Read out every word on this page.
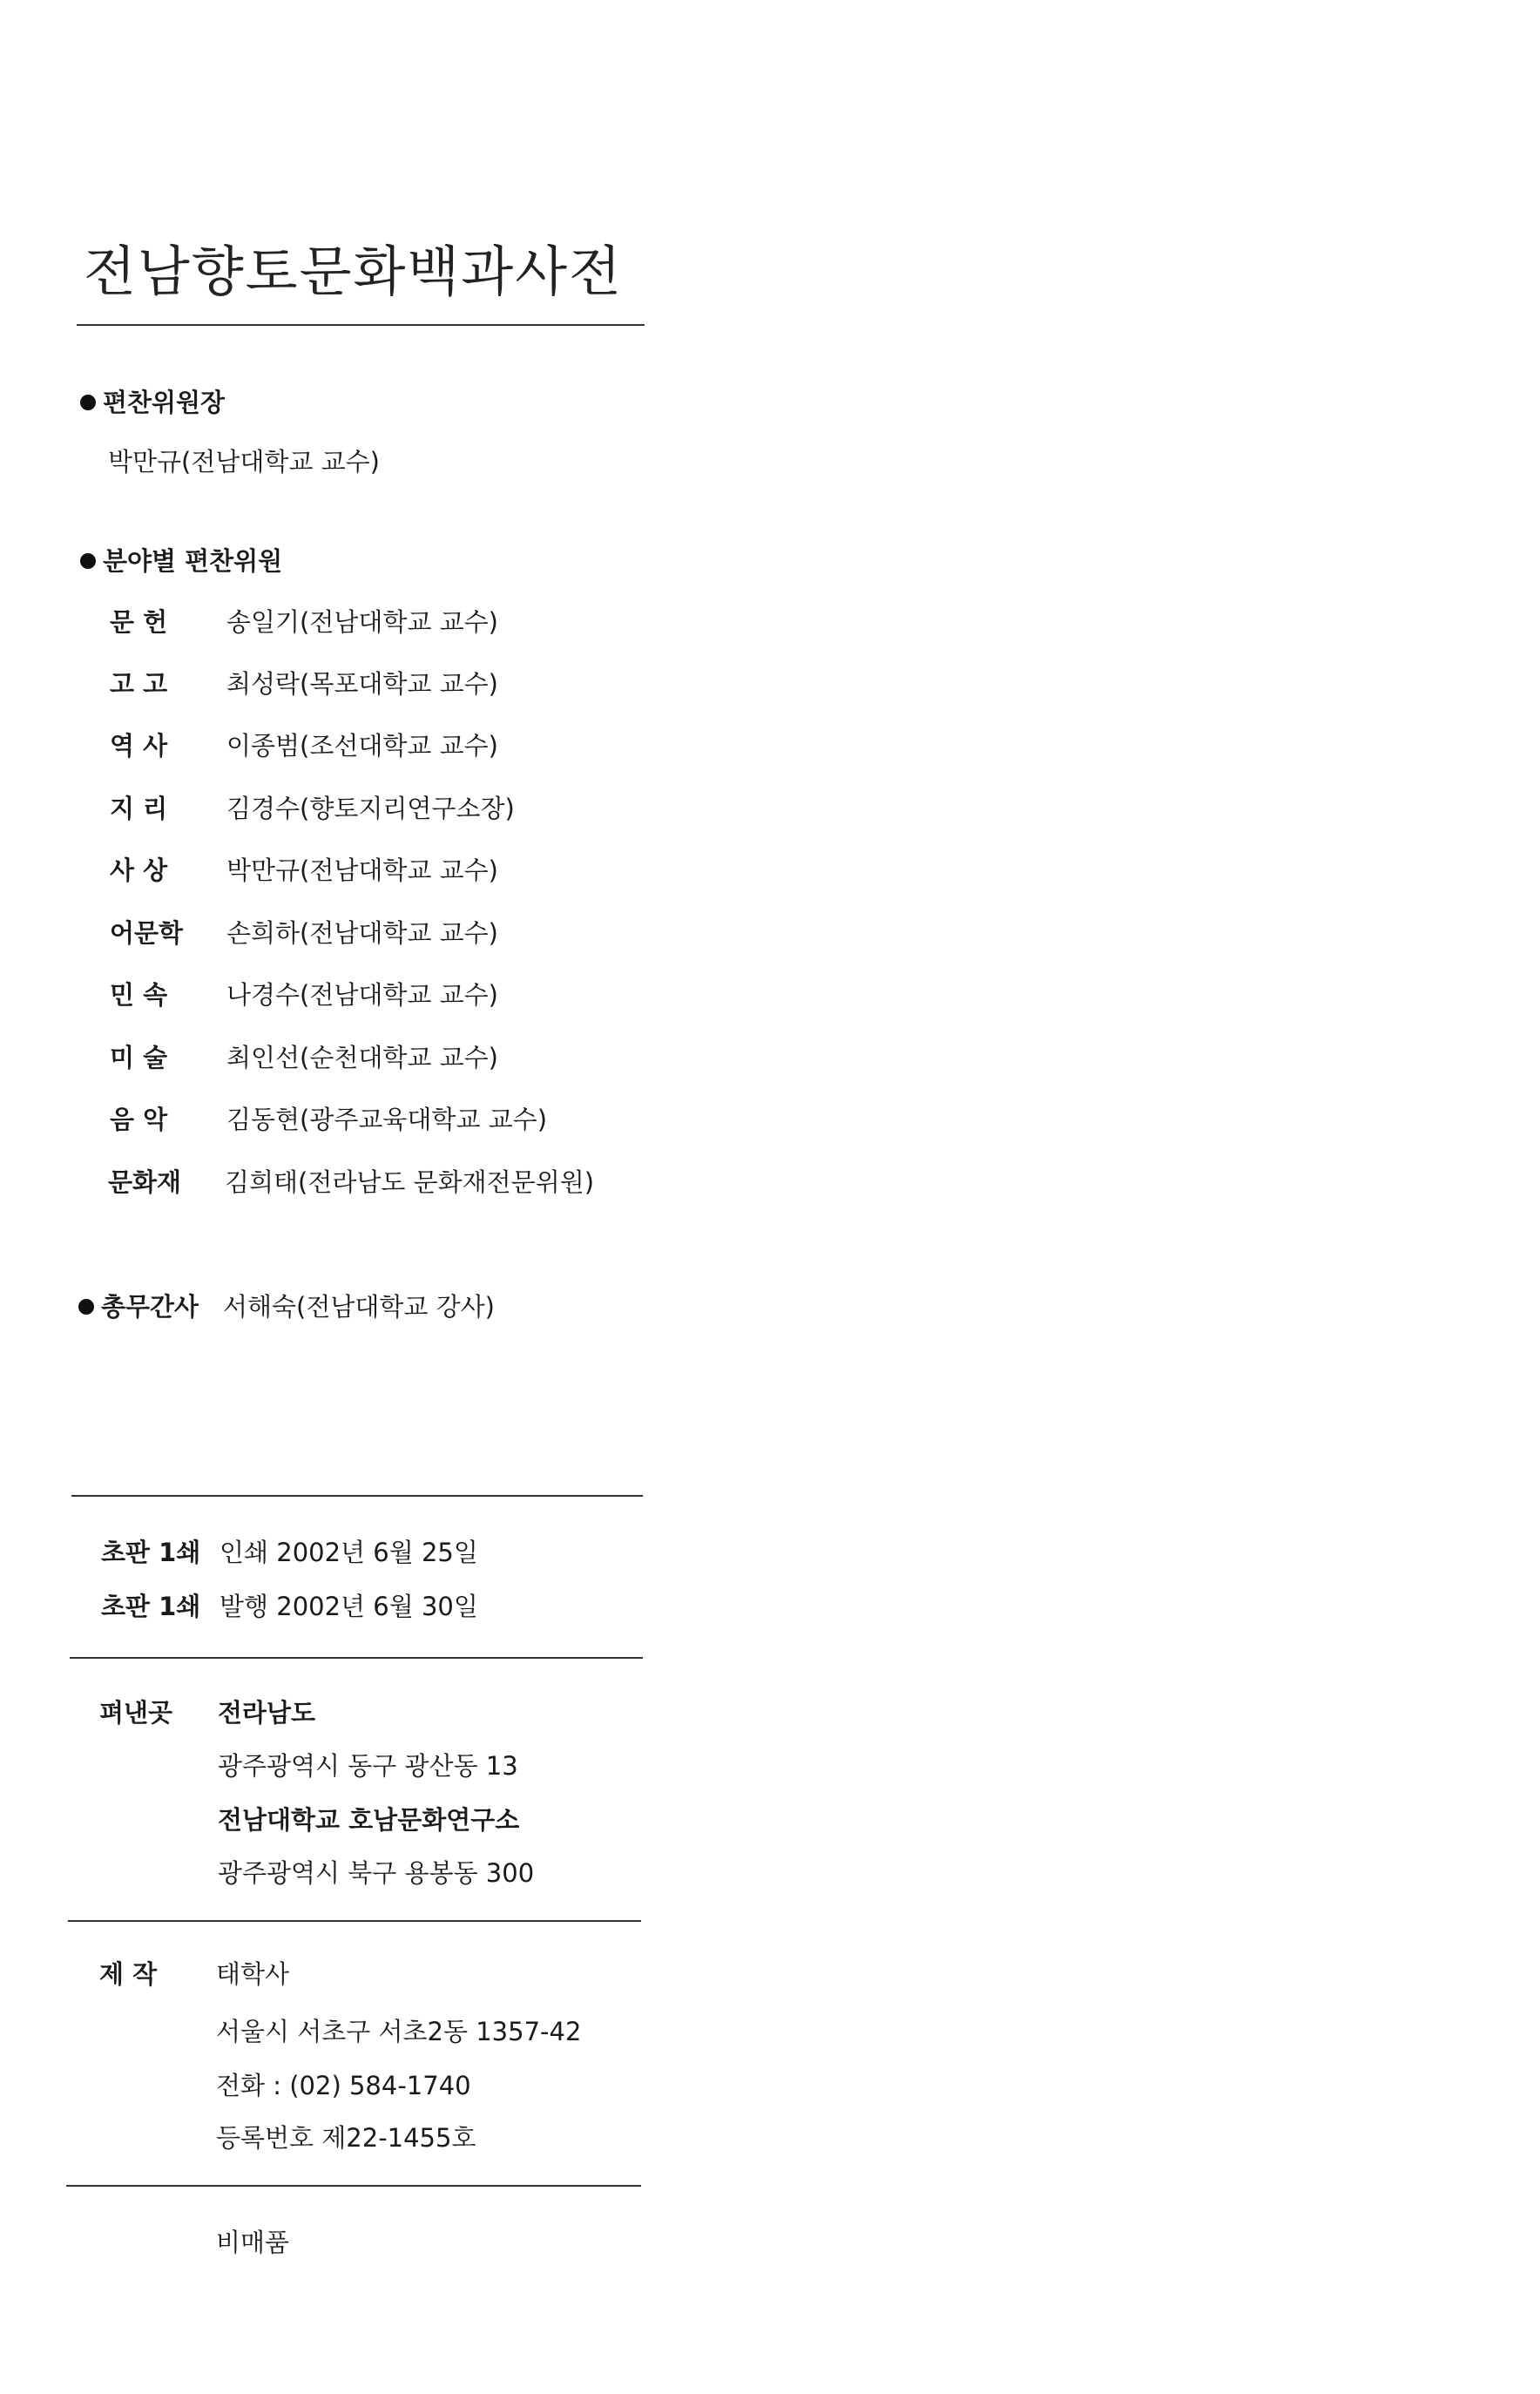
전남향토문화백과사전
편찬위원장
박만규(전남대학교 교수)
분야별 편찬위원
문 헌 송일기(전남대학교 교수)
고 고 최성락(목포대학교 교수)
역 사 이종범(조선대학교 교수)
지 리 김경수(향토지리연구소장)
사 상 박만규(전남대학교 교수)
어문학 손희하(전남대학교 교수)
민 속 나경수(전남대학교 교수)
미 술 최인선(순천대학교 교수)
음 악 김동현(광주교육대학교 교수)
문화재 김희태(전라남도 문화재전문위원)
총무간사 서해숙(전남대학교 강사)
초판 1쇄 인쇄 2002년 6월 25일
초판 1쇄 발행 2002년 6월 30일
펴낸곳 전라남도
광주광역시 동구 광산동 13
전남대학교 호남문화연구소
광주광역시 북구 용봉동 300
제 작 태학사
서울시 서초구 서초2동 1357-42
전화 : (02) 584-1740
등록번호 제22-1455호
비매품
